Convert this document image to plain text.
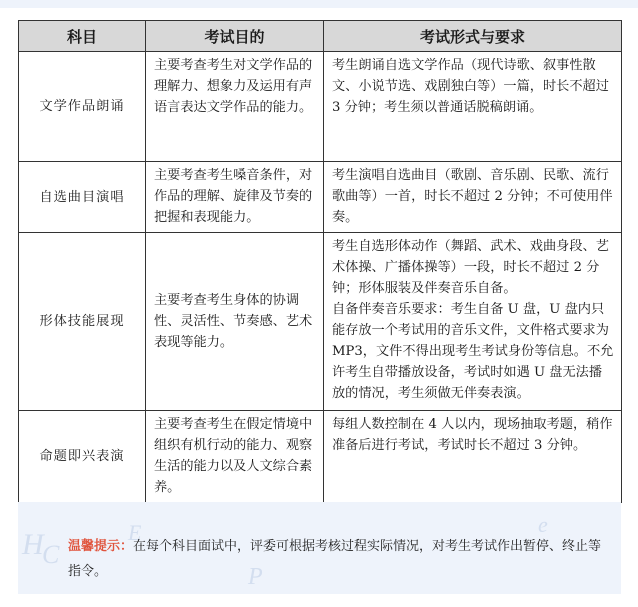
科目	考试目的	考试形式与要求
文学作品朗诵	主要考查考生对文学作品的理解力、想象力及运用有声语言表达文学作品的能力。	考生朗诵自选文学作品（现代诗歌、叙事性散文、小说节选、戏剧独白等）一篇，时长不超过 3 分钟；考生须以普通话脱稿朗诵。
自选曲目演唱	主要考查考生嗓音条件，对作品的理解、旋律及节奏的把握和表现能力。	考生演唱自选曲目（歌剧、音乐剧、民歌、流行歌曲等）一首，时长不超过 2 分钟；不可使用伴奏。
形体技能展现	主要考查考生身体的协调性、灵活性、节奏感、艺术表现等能力。	考生自选形体动作（舞蹈、武术、戏曲身段、艺术体操、广播体操等）一段，时长不超过 2 分钟；形体服装及伴奏音乐自备。
自备伴奏音乐要求：考生自备 U 盘，U 盘内只能存放一个考试用的音乐文件，文件格式要求为 MP3，文件不得出现考生考试身份等信息。不允许考生自带播放设备，考试时如遇 U 盘无法播放的情况，考生须做无伴奏表演。

命题即兴表演	主要考查考生在假定情境中组织有机行动的能力、观察生活的能力以及人文综合素养。	每组人数控制在 4 人以内，现场抽取考题，稍作准备后进行考试，考试时长不超过 3 分钟。
H
C
E
P
e
温馨提示：在每个科目面试中，评委可根据考核过程实际情况，对考生考试作出暂停、终止等指令。
